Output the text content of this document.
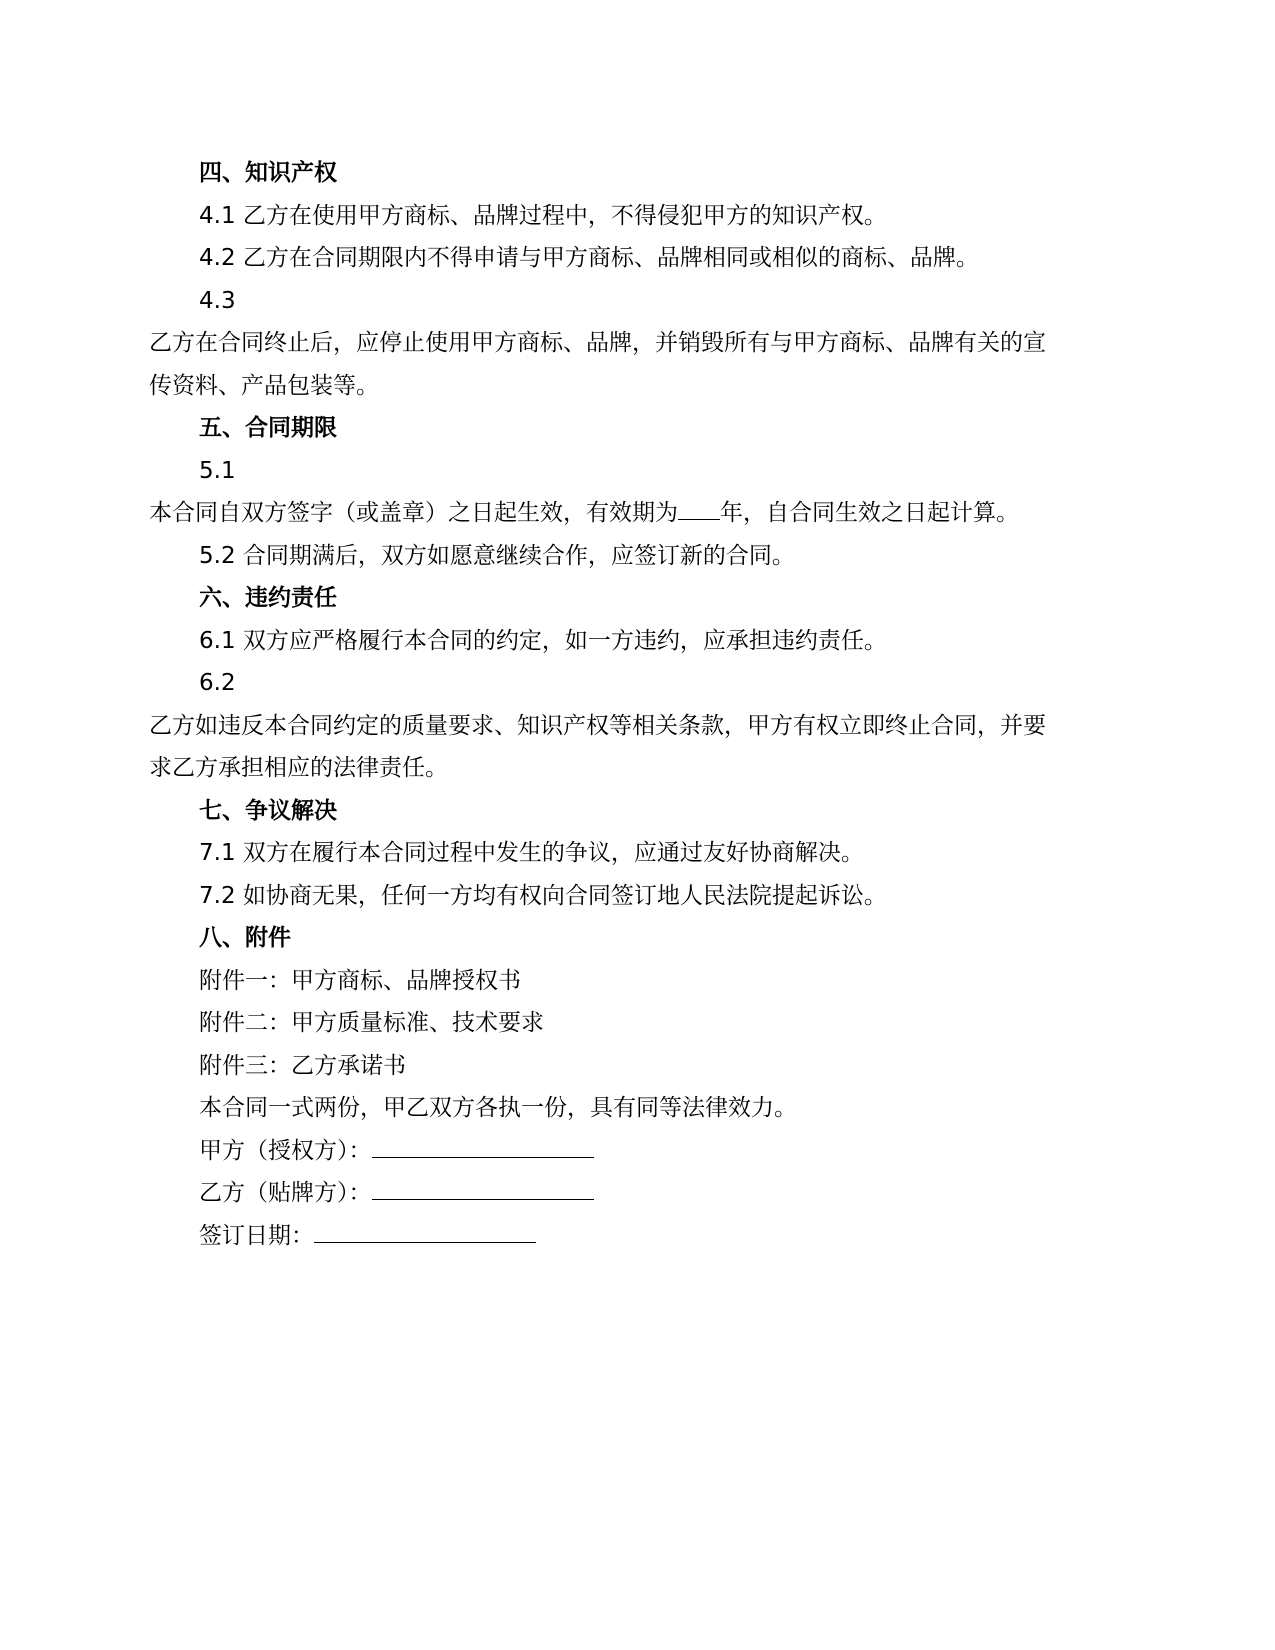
四、知识产权
4.1 乙方在使用甲方商标、品牌过程中，不得侵犯甲方的知识产权。
4.2 乙方在合同期限内不得申请与甲方商标、品牌相同或相似的商标、品牌。
4.3
乙方在合同终止后，应停止使用甲方商标、品牌，并销毁所有与甲方商标、品牌有关的宣
传资料、产品包装等。
五、合同期限
5.1
本合同自双方签字（或盖章）之日起生效，有效期为 年，自合同生效之日起计算。
5.2 合同期满后，双方如愿意继续合作，应签订新的合同。
六、违约责任
6.1 双方应严格履行本合同的约定，如一方违约，应承担违约责任。
6.2
乙方如违反本合同约定的质量要求、知识产权等相关条款，甲方有权立即终止合同，并要
求乙方承担相应的法律责任。
七、争议解决
7.1 双方在履行本合同过程中发生的争议，应通过友好协商解决。
7.2 如协商无果，任何一方均有权向合同签订地人民法院提起诉讼。
八、附件
附件一：甲方商标、品牌授权书
附件二：甲方质量标准、技术要求
附件三：乙方承诺书
本合同一式两份，甲乙双方各执一份，具有同等法律效力。
甲方（授权方）：
乙方（贴牌方）：
签订日期：
